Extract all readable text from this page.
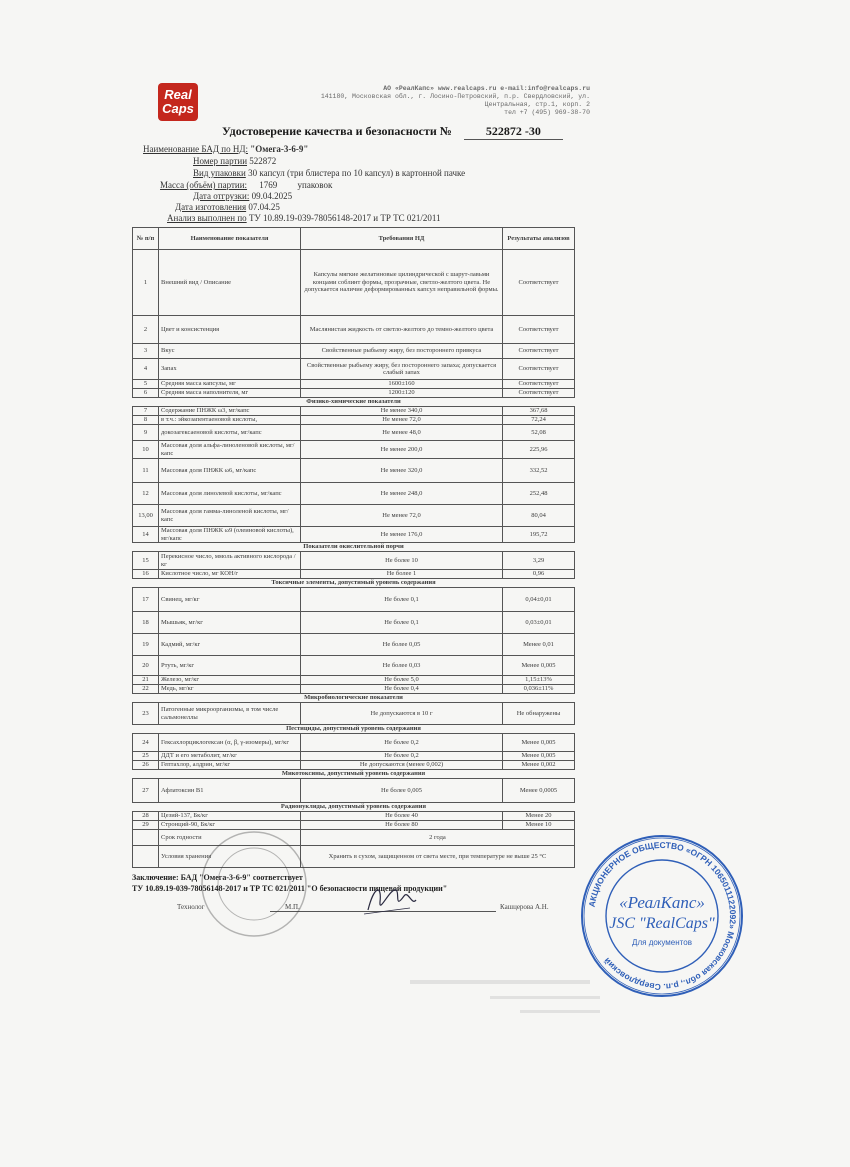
Real
Caps
АО «РеалКапс» www.realcaps.ru e-mail:info@realcaps.ru
141180, Московская обл., г. Лосино-Петровский, п.р. Свердловский, ул.
Центральная, стр.1, корп. 2
тел +7 (495) 969-38-70
Удостоверение качества и безопасности №	522872 -30
Наименование БАД по НД: "Омега-3-6-9"
Номер партии 522872
Вид упаковки 30 капсул (три блистера по 10 капсул) в картонной пачке
Масса (объём) партии: 1769 упаковок
Дата отгрузки: 09.04.2025
Дата изготовления 07.04.25
Анализ выполнен по ТУ 10.89.19-039-78056148-2017 и ТР ТС 021/2011
№ п/п	Наименование показателя	Требования НД	Результаты анализов
1	Внешний вид / Описание	Капсулы мягкие желатиновые цилиндрической с шарут-лавьми концами соблинт формы, прозрачные, светло-желтого цвета. Не допускается наличие деформированных капсул неправильной формы.	Соответствует
2	Цвет и консистенция	Маслянистая жидкость от светло-желтого до темно-желтого цвета	Соответствует
3	Вкус	Свойственные рыбьему жиру, без постороннего привкуса	Соответствует
4	Запах	Свойственные рыбьему жиру, без постороннего запаха; допускается слабый запах	Соответствует
5	Средняя масса капсулы, мг	1600±160	Соответствует
6	Средняя масса наполнителя, мг	1200±120	Соответствует
Физико-химические показатели			
7	Содержание ПНЖК ω3, мг/капс	Не менее 340,0	367,68
8	в т.ч.: эйкозапентаеновой кислоты,	Не менее 72,0	72,24
9	докозагексаеновой кислоты, мг/капс	Не менее 48,0	52,08
10	Массовая доля альфа-линоленовой кислоты, мг/капс	Не менее 200,0	225,96
11	Массовая доля ПНЖК ω6, мг/капс	Не менее 320,0	332,52
12	Массовая доля линолевой кислоты, мг/капс	Не менее 248,0	252,48
13,00	Массовая доля гамма-линоленой кислоты, мг/капс	Не менее 72,0	80,04
14	Массовая доля ПНЖК ω9 (олеиновой кислоты), мг/капс	Не менее 176,0	195,72
Показатели окислительной порчи			
15	Перекисное число, ммоль активного кислорода /кг	Не более 10	3,29
16	Кислотное число, мг КОН/г	Не более 1	0,96
Токсичные элементы, допустимый уровень содержания			
17	Свинец, мг/кг	Не более 0,1	0,04±0,01
18	Мышьяк, мг/кг	Не более 0,1	0,03±0,01
19	Кадмий, мг/кг	Не более 0,05	Менее 0,01
20	Ртуть, мг/кг	Не более 0,03	Менее 0,005
21	Железо, мг/кг	Не более 5,0	1,15±13%
22	Медь, мг/кг	Не более 0,4	0,036±11%
Микробиологические показатели			
23	Патогенные микроорганизмы, в том числе сальмонеллы	Не допускаются в 10 г	Не обнаружены
Пестициды, допустимый уровень содержания			
24	Гексахлорциклогексан (α, β, γ-изомеры), мг/кг	Не более 0,2	Менее 0,005
25	ДДТ и его метаболит, мг/кг	Не более 0,2	Менее 0,005
26	Гептахлор, алдрин, мг/кг	Не допускаются (менее 0,002)	Менее 0,002
Микотоксины, допустимый уровень содержания			
27	Афлатоксин В1	Не более 0,005	Менее 0,0005
Радионуклиды, допустимый уровень содержания			
28	Цезий-137, Бк/кг	Не более 40	Менее 20
29	Стронций-90, Бк/кг	Не более 80	Менее 10
	Срок годности	2 года	
	Условия хранения	Хранить в сухом, защищенном от света месте, при температуре не выше 25 °С	
Заключение: БАД "Омега-3-6-9" соответствует
ТУ 10.89.19-039-78056148-2017 и ТР ТС 021/2011 "О безопасности пищевой продукции"
Технолог	М.П.	Кашцерова А.Н.	АКЦИОНЕРНОЕ ОБЩЕСТВО «ОГРН 1065011122092» Московская обл., р.п. Свердловский
«РеалКапс»
JSC "RealCaps"
Для документов
